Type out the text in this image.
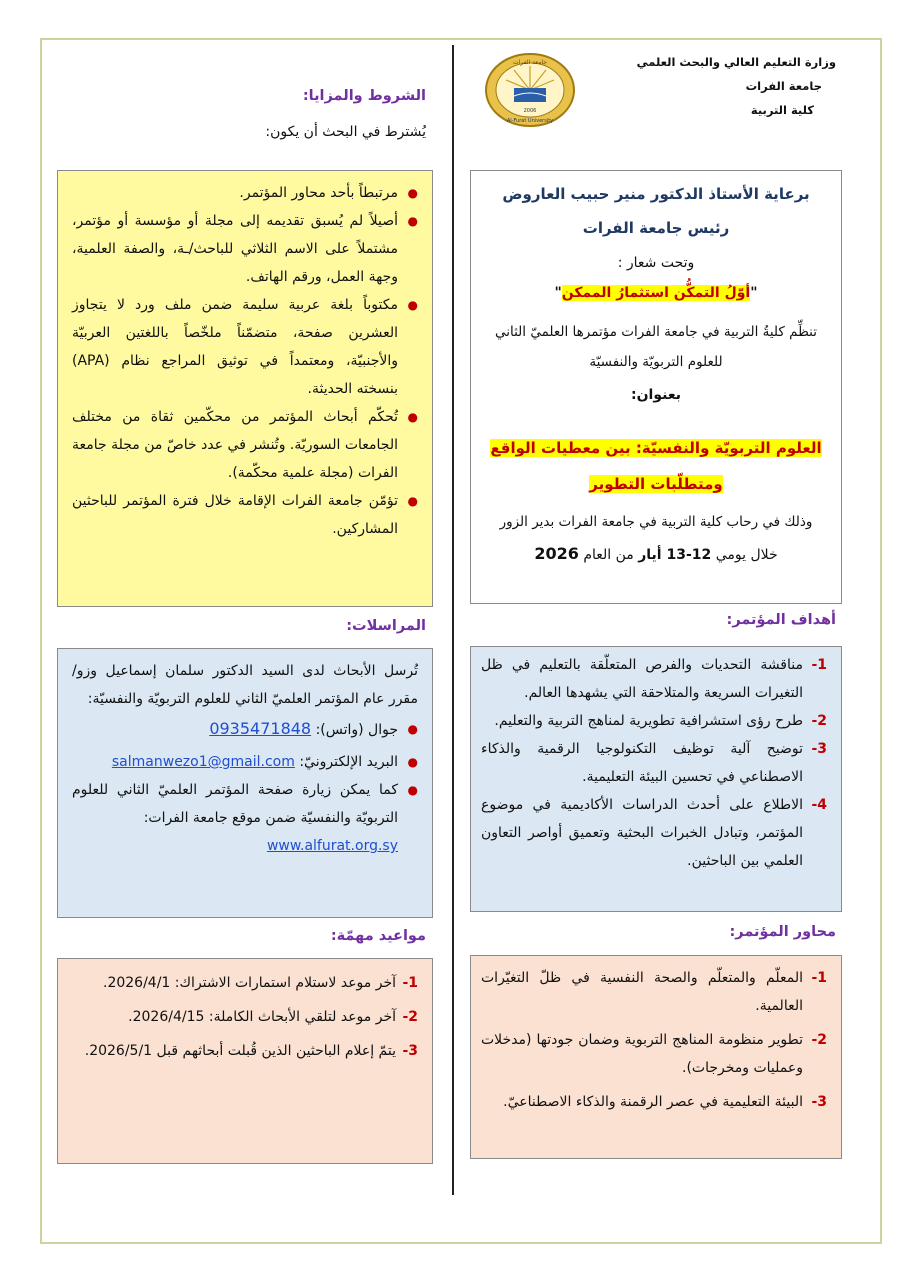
وزارة التعليم العالي والبحث العلمي
جامعة الفرات
كلية التربية
جامعة الفرات
2006
Al-Furat University
الشروط والمزايا:
يُشترط في البحث أن يكون:
●
مرتبطاً بأحد محاور المؤتمر.
●
أصيلاً لم يُسبق تقديمه إلى مجلة أو مؤسسة أو مؤتمر، مشتملاً على الاسم الثلاثي للباحث/ـة، والصفة العلمية، وجهة العمل، ورقم الهاتف.
●
مكتوباً بلغة عربية سليمة ضمن ملف ورد لا يتجاوز العشرين صفحة، متضمّناً ملخّصاً باللغتين العربيّة والأجنبيّة، ومعتمداً في توثيق المراجع نظام (APA) بنسخته الحديثة.
●
تُحكّم أبحاث المؤتمر من محكّمين ثقاة من مختلف الجامعات السوريّة. وتُنشر في عدد خاصّ من مجلة جامعة الفرات (مجلة علمية محكّمة).
●
تؤمّن جامعة الفرات الإقامة خلال فترة المؤتمر للباحثين المشاركين.
المراسلات:
تُرسل الأبحاث لدى السيد الدكتور سلمان إسماعيل وزو/ مقرر عام المؤتمر العلميّ الثاني للعلوم التربويّة والنفسيّة:
●
جوال (واتس): 0935471848
●
البريد الإلكترونيّ: salmanwezo1@gmail.com
●
كما يمكن زيارة صفحة المؤتمر العلميّ الثاني للعلوم التربويّة والنفسيّة ضمن موقع جامعة الفرات:
www.alfurat.org.sy
مواعيد مهمّة:
1-
آخر موعد لاستلام استمارات الاشتراك: 2026/4/1.
2-
آخر موعد لتلقي الأبحاث الكاملة: 2026/4/15.
3-
يتمّ إعلام الباحثين الذين قُبلت أبحاثهم قبل 2026/5/1.
برعاية الأستاذ الدكتور منير حبيب العاروض
رئيس جامعة الفرات
وتحت شعار :
"أوّلُ التمكُّن استثمارُ الممكن"
تنظِّم كليةُ التربية في جامعة الفرات مؤتمرها العلميّ الثاني
للعلوم التربويّة والنفسيّة
بعنوان:
العلوم التربويّة والنفسيّة: بين معطيات الواقع
ومتطلّبات التطوير
وذلك في رحاب كلية التربية في جامعة الفرات بدير الزور
خلال يومي 12-13 أيار من العام 2026
أهداف المؤتمر:
1-
مناقشة التحديات والفرص المتعلّقة بالتعليم في ظل التغيرات السريعة والمتلاحقة التي يشهدها العالم.
2-
طرح رؤى استشرافية تطويرية لمناهج التربية والتعليم.
3-
توضيح آلية توظيف التكنولوجيا الرقمية والذكاء الاصطناعي في تحسين البيئة التعليمية.
4-
الاطلاع على أحدث الدراسات الأكاديمية في موضوع المؤتمر، وتبادل الخبرات البحثية وتعميق أواصر التعاون العلمي بين الباحثين.
محاور المؤتمر:
1-
المعلّم والمتعلّم والصحة النفسية في ظلّ التغيّرات العالمية.
2-
تطوير منظومة المناهج التربوية وضمان جودتها (مدخلات وعمليات ومخرجات).
3-
البيئة التعليمية في عصر الرقمنة والذكاء الاصطناعيّ.
